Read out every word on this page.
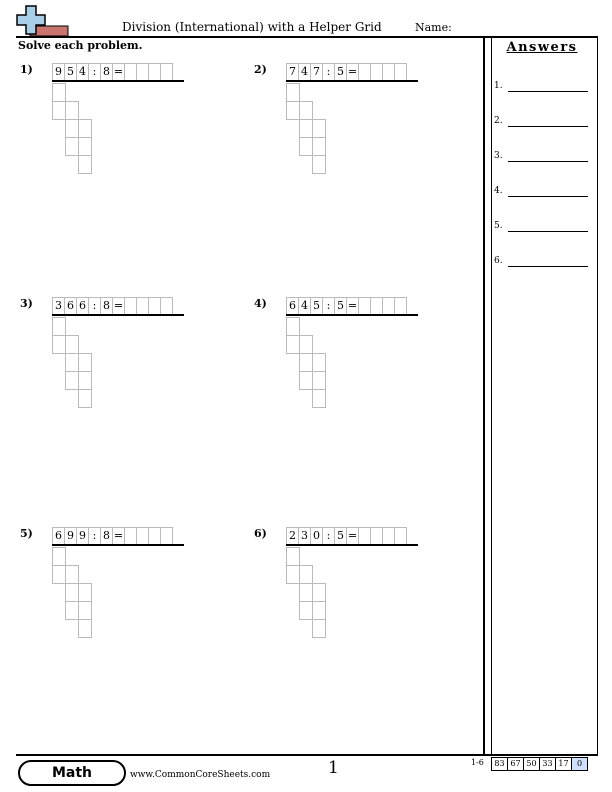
Division (International) with a Helper Grid	Name:
Solve each problem.
1) 9 5 4 : 8 =	2) 7 4 7 : 5 =
3) 3 6 6 : 8 =	4) 6 4 5 : 5 =
5) 6 9 9 : 8 =	6) 2 3 0 : 5 =
Answers
1.
2.
3.
4.
5.
6.
Math	www.CommonCoreSheets.com	1	1-6	83 67 50 33 17	0
